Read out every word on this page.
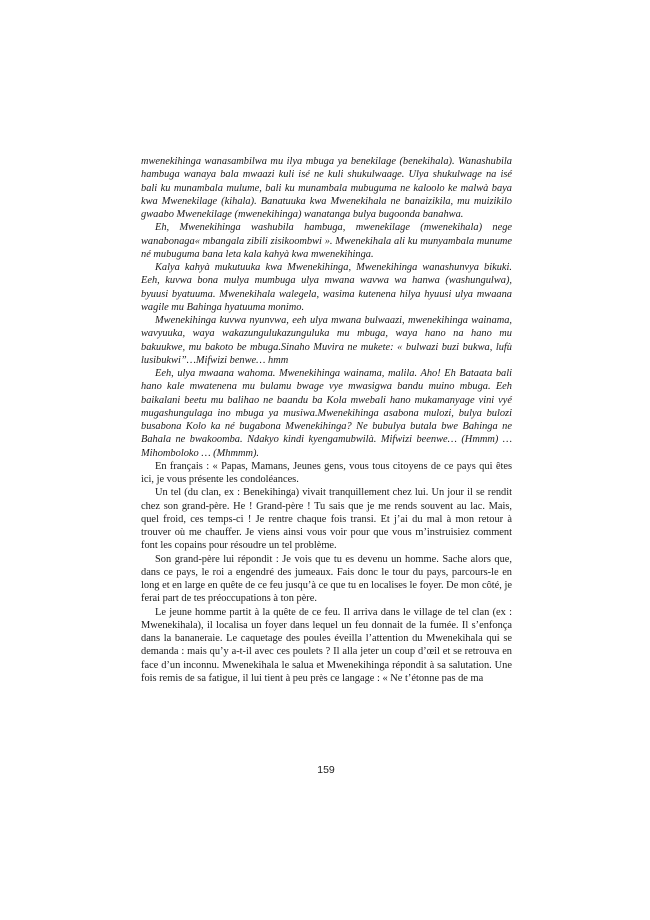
mwenekihinga wanasambilwa mu ilya mbuga ya benekilage (benekihala). Wanashubila hambuga wanaya bala mwaazi kuli isé ne kuli shukulwaage. Ulya shukulwage na isé bali ku munambala mulume, bali ku munambala mubuguma ne kaloolo ke malwà baya kwa Mwenekilage (kihala). Banatuuka kwa Mwenekihala ne banaizikila, mu muizikilo gwaabo Mwenekilage (mwenekihinga) wanatanga bulya bugoonda banahwa.

Eh, Mwenekihinga washubila hambuga, mwenekilage (mwenekihala) nege wanabonaga« mbangala zibili zisikoombwi ». Mwenekihala ali ku munyambala munume né mubuguma bana leta kala kahyà kwa mwenekihinga.

Kalya kahyà mukutuuka kwa Mwenekihinga, Mwenekihinga wanashunvya bikuki. Eeh, kuvwa bona mulya mumbuga ulya mwana wavwa wa hanwa (washungulwa), byuusi byatuuma. Mwenekihala walegela, wasima kutenena hilya hyuusi ulya mwaana wagile mu Bahinga hyatuuma monimo.

Mwenekihinga kuvwa nyunvwa, eeh ulya mwana bulwaazi, mwenekihinga wainama, wavyuuka, waya wakazungulukazunguluka mu mbuga, waya hano na hano mu bakuukwe, mu bakoto be mbuga.Sinaho Muvira ne mukete: « bulwazi buzi bukwa, lufù lusibukwi”…Mifwizi benwe… hmm

Eeh, ulya mwaana wahoma. Mwenekihinga wainama, malila. Aho! Eh Bataata bali hano kale mwatenena mu bulamu bwage vye mwasigwa bandu muino mbuga. Eeh baikalani beetu mu balihao ne baandu ba Kola mwebali hano mukamanyage vini vyé mugashungulaga ino mbuga ya musiwa.Mwenekihinga asabona mulozi, bulya bulozi busabona Kolo ka né bugabona Mwenekihinga? Ne bubulya butala bwe Bahinga ne Bahala ne bwakoomba. Ndakyo kindi kyengamubwilà. Mifwizi beenwe… (Hmmm) … Mihomboloko … (Mhmmm).

En français : « Papas, Mamans, Jeunes gens, vous tous citoyens de ce pays qui êtes ici, je vous présente les condoléances.

Un tel (du clan, ex : Benekihinga) vivait tranquillement chez lui. Un jour il se rendit chez son grand-père. He ! Grand-père ! Tu sais que je me rends souvent au lac. Mais, quel froid, ces temps-ci ! Je rentre chaque fois transi. Et j’ai du mal à mon retour à trouver où me chauffer. Je viens ainsi vous voir pour que vous m’instruisiez comment font les copains pour résoudre un tel problème.

Son grand-père lui répondit : Je vois que tu es devenu un homme. Sache alors que, dans ce pays, le roi a engendré des jumeaux. Fais donc le tour du pays, parcours-le en long et en large en quête de ce feu jusqu’à ce que tu en localises le foyer. De mon côté, je ferai part de tes préoccupations à ton père.

Le jeune homme partit à la quête de ce feu. Il arriva dans le village de tel clan (ex : Mwenekihala), il localisa un foyer dans lequel un feu donnait de la fumée. Il s’enfonça dans la bananeraie. Le caquetage des poules éveilla l’attention du Mwenekihala qui se demanda : mais qu’y a-t-il avec ces poulets ? Il alla jeter un coup d’œil et se retrouva en face d’un inconnu. Mwenekihala le salua et Mwenekihinga répondit à sa salutation. Une fois remis de sa fatigue, il lui tient à peu près ce langage : « Ne t’étonne pas de ma

159
